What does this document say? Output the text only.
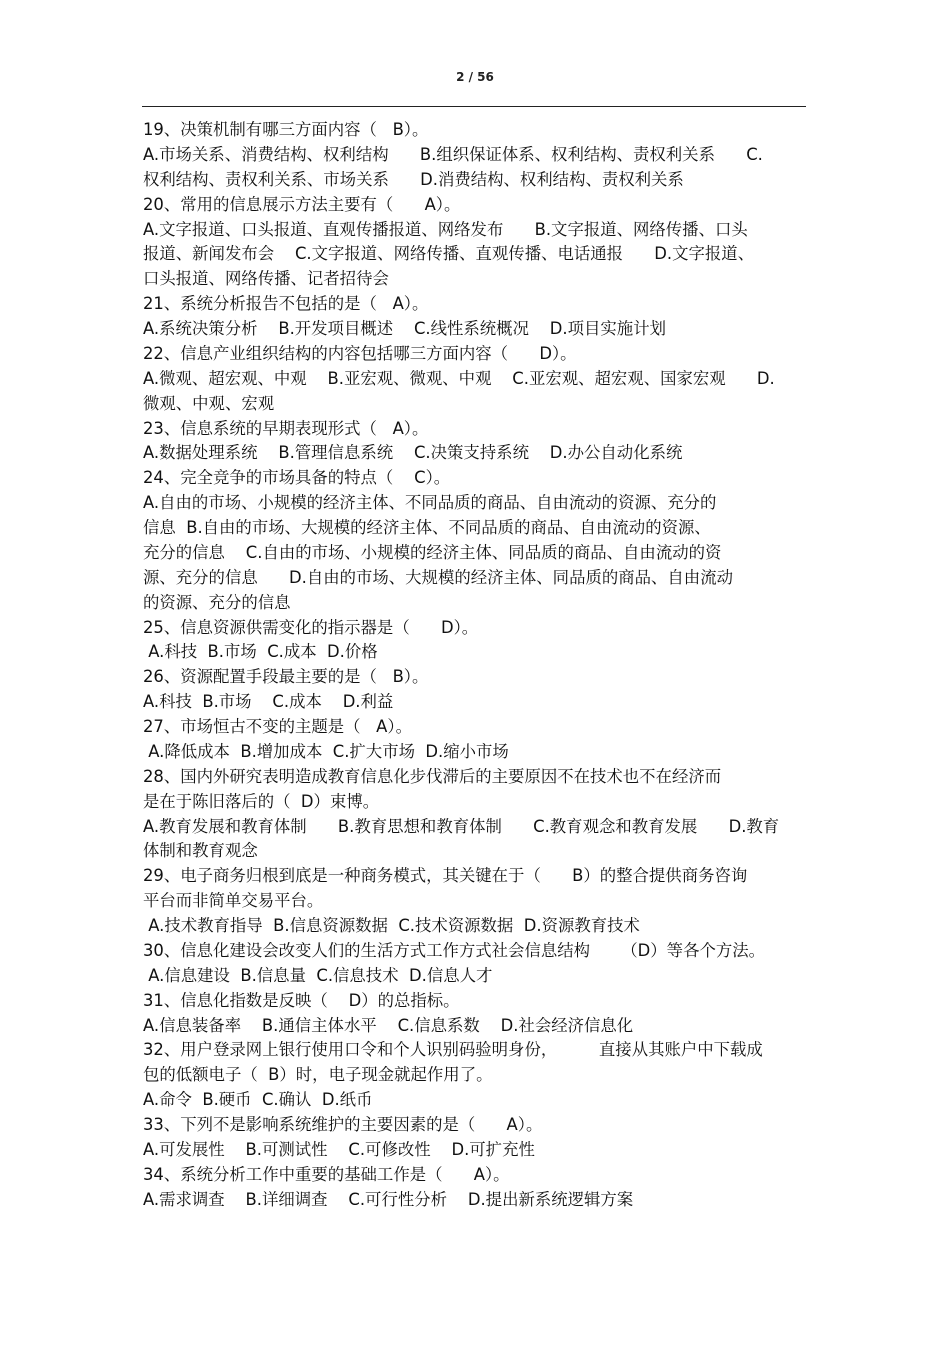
2 / 56
19、决策机制有哪三方面内容（   B）。
A.市场关系、消费结构、权利结构      B.组织保证体系、权利结构、责权利关系      C.
权利结构、责权利关系、市场关系      D.消费结构、权利结构、责权利关系
20、常用的信息展示方法主要有（      A）。
A.文字报道、口头报道、直观传播报道、网络发布      B.文字报道、网络传播、口头
报道、新闻发布会    C.文字报道、网络传播、直观传播、电话通报      D.文字报道、
口头报道、网络传播、记者招待会
21、系统分析报告不包括的是（   A）。
A.系统决策分析    B.开发项目概述    C.线性系统概况    D.项目实施计划
22、信息产业组织结构的内容包括哪三方面内容（      D）。
A.微观、超宏观、中观    B.亚宏观、微观、中观    C.亚宏观、超宏观、国家宏观      D.
微观、中观、宏观
23、信息系统的早期表现形式（   A）。
A.数据处理系统    B.管理信息系统    C.决策支持系统    D.办公自动化系统
24、完全竞争的市场具备的特点（    C）。
A.自由的市场、小规模的经济主体、不同品质的商品、自由流动的资源、充分的
信息  B.自由的市场、大规模的经济主体、不同品质的商品、自由流动的资源、
充分的信息    C.自由的市场、小规模的经济主体、同品质的商品、自由流动的资
源、充分的信息      D.自由的市场、大规模的经济主体、同品质的商品、自由流动
的资源、充分的信息
25、信息资源供需变化的指示器是（      D）。
A.科技  B.市场  C.成本  D.价格
26、资源配置手段最主要的是（   B）。
A.科技  B.市场    C.成本    D.利益
27、市场恒古不变的主题是（   A）。
A.降低成本  B.增加成本  C.扩大市场  D.缩小市场
28、国内外研究表明造成教育信息化步伐滞后的主要原因不在技术也不在经济而
是在于陈旧落后的（  D）束博。
A.教育发展和教育体制      B.教育思想和教育体制      C.教育观念和教育发展      D.教育
体制和教育观念
29、电子商务归根到底是一种商务模式，其关键在于（      B）的整合提供商务咨询
平台而非简单交易平台。
A.技术教育指导  B.信息资源数据  C.技术资源数据  D.资源教育技术
30、信息化建设会改变人们的生活方式工作方式社会信息结构      （D）等各个方法。
A.信息建设  B.信息量  C.信息技术  D.信息人才
31、信息化指数是反映（    D）的总指标。
A.信息装备率    B.通信主体水平    C.信息系数    D.社会经济信息化
32、用户登录网上银行使用口令和个人识别码验明身份，        直接从其账户中下载成
包的低额电子（  B）时，电子现金就起作用了。
A.命令  B.硬币  C.确认  D.纸币
33、下列不是影响系统维护的主要因素的是（      A）。
A.可发展性    B.可测试性    C.可修改性    D.可扩充性
34、系统分析工作中重要的基础工作是（      A）。
A.需求调查    B.详细调查    C.可行性分析    D.提出新系统逻辑方案
